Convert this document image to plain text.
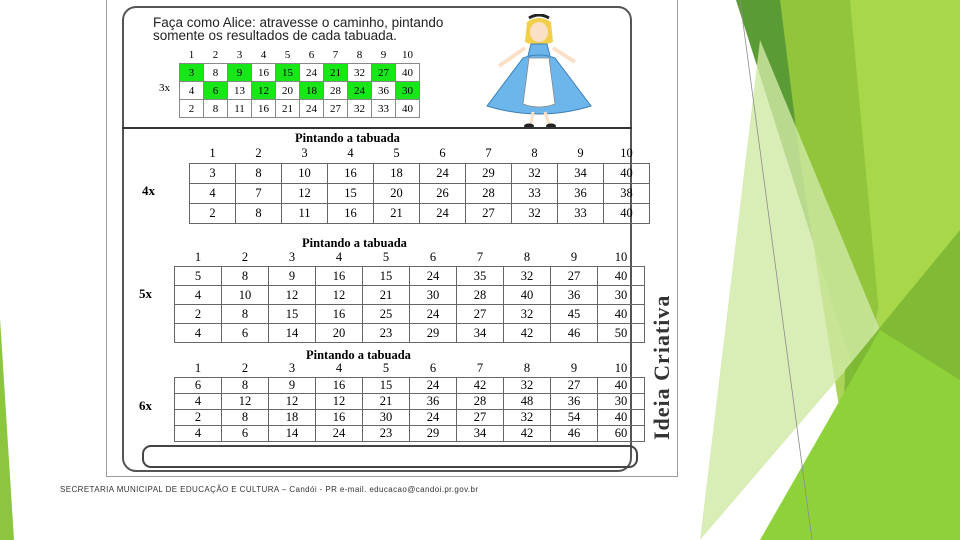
Faça como Alice: atravesse o caminho, pintando
somente os resultados de cada tabuada.
3x
1	2	3	4	5	6	7	8	9	10
3	8	9	16	15	24	21	32	27	40
4	6	13	12	20	18	28	24	36	30
2	8	11	16	21	24	27	32	33	40
Pintando a tabuada
4x
1	2	3	4	5	6	7	8	9	10
3	8	10	16	18	24	29	32	34	40
4	7	12	15	20	26	28	33	36	38
2	8	11	16	21	24	27	32	33	40
Pintando a tabuada
5x
1	2	3	4	5	6	7	8	9	10
5	8	9	16	15	24	35	32	27	40
4	10	12	12	21	30	28	40	36	30
2	8	15	16	25	24	27	32	45	40
4	6	14	20	23	29	34	42	46	50
Pintando a tabuada
6x
1	2	3	4	5	6	7	8	9	10
6	8	9	16	15	24	42	32	27	40
4	12	12	12	21	36	28	48	36	30
2	8	18	16	30	24	27	32	54	40
4	6	14	24	23	29	34	42	46	60 Ideia Criativa
SECRETARIA MUNICIPAL DE EDUCAÇÃO E CULTURA – Candói - PR e-mail. educacao@candoi.pr.gov.br
